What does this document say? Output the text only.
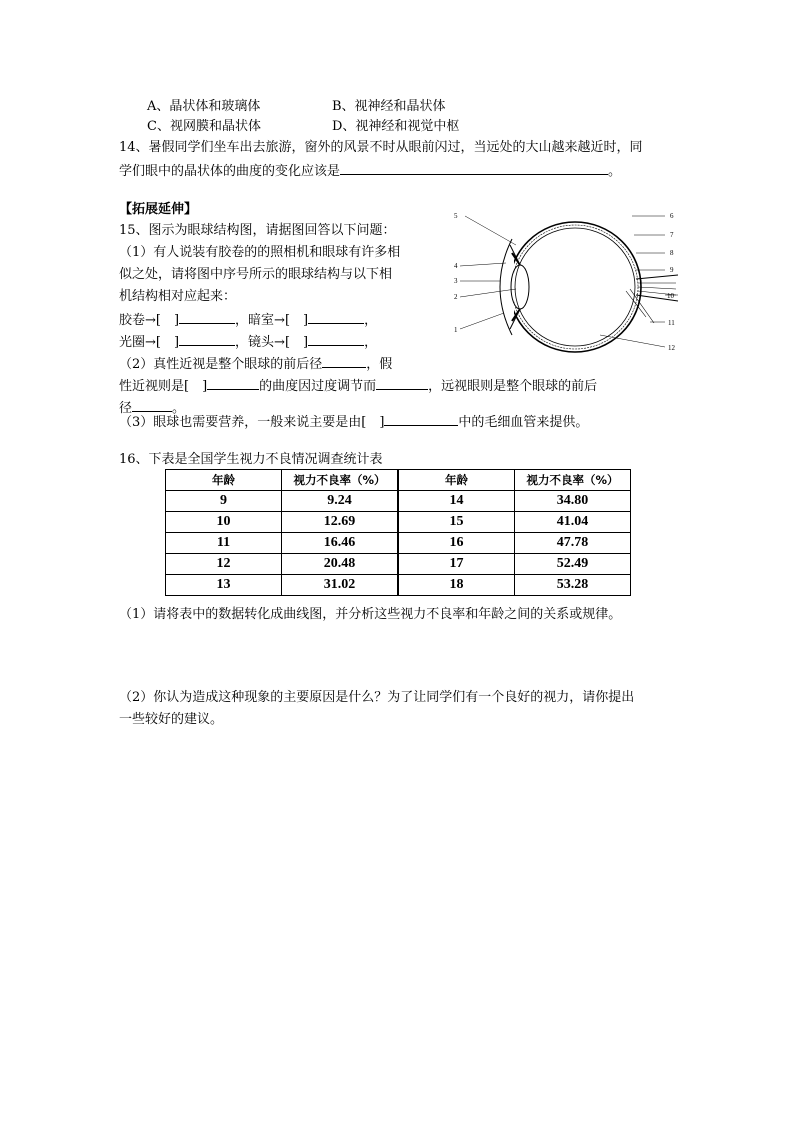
A、晶状体和玻璃体	B、视神经和晶状体
C、视网膜和晶状体	D、视神经和视觉中枢
14、暑假同学们坐车出去旅游，窗外的风景不时从眼前闪过，当远处的大山越来越近时，同
学们眼中的晶状体的曲度的变化应该是	。
【拓展延伸】
15、图示为眼球结构图，请据图回答以下问题：
（1）有人说装有胶卷的的照相机和眼球有许多相
似之处，请将图中序号所示的眼球结构与以下相
机结构相对应起来：
胶卷→[　]	，暗室→[　]	，
光圈→[　]	，镜头→[　]	，
（2）真性近视是整个眼球的前后径	，假
性近视则是[　]	的曲度因过度调节而	，远视眼则是整个眼球的前后
径	。
（3）眼球也需要营养，一般来说主要是由[　]	中的毛细血管来提供。
5
4
3
2
1
6
7
8
9
10
11
12
16、下表是全国学生视力不良情况调查统计表
年龄	视力不良率（%）	年龄	视力不良率（%）
9	9.24	14	34.80
10	12.69	15	41.04
11	16.46	16	47.78
12	20.48	17	52.49
13	31.02	18	53.28
（1）请将表中的数据转化成曲线图，并分析这些视力不良率和年龄之间的关系或规律。
（2）你认为造成这种现象的主要原因是什么？为了让同学们有一个良好的视力，请你提出
一些较好的建议。
